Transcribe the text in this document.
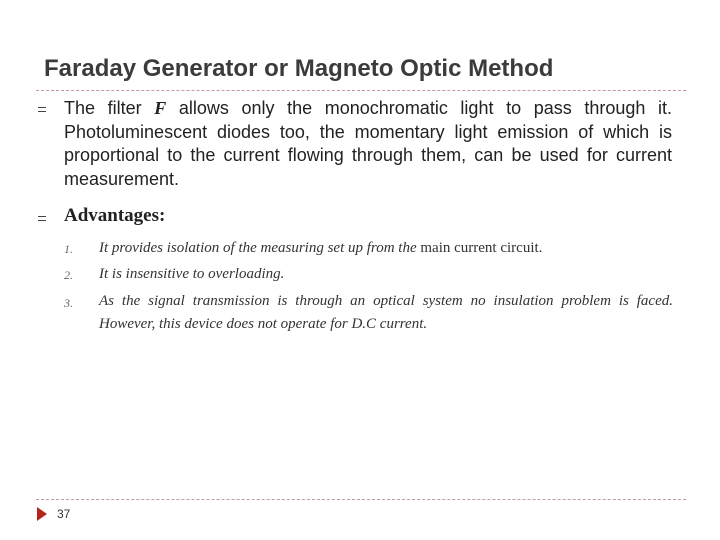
Faraday Generator or Magneto Optic Method

The filter F allows only the monochromatic light to pass through it. Photoluminescent diodes too, the momentary light emission of which is proportional to the current flowing through them, can be used for current measurement.

Advantages:
1.	It provides isolation of the measuring set up from the main current circuit.
2.	It is insensitive to overloading.
3.	As the signal transmission is through an optical system no insulation problem is faced. However, this device does not operate for D.C current.
37
